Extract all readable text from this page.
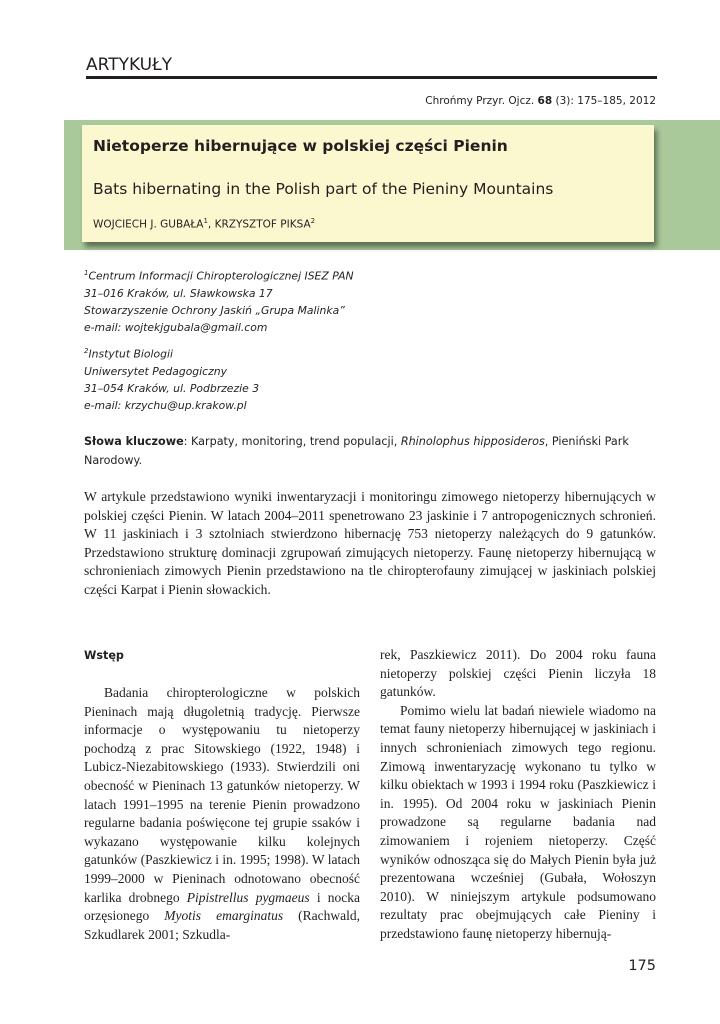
ARTYKUŁY
Chrońmy Przyr. Ojcz. 68 (3): 175–185, 2012
Nietoperze hibernujące w polskiej części Pienin
Bats hibernating in the Polish part of the Pieniny Mountains
WOJCIECH J. GUBAŁA$^1$, KRZYSZTOF PIKSA$^2$
$^1$Centrum Informacji Chiropterologicznej ISEZ PAN
31–016 Kraków, ul. Sławkowska 17
Stowarzyszenie Ochrony Jaskiń „Grupa Malinka”
e-mail: wojtekjgubala@gmail.com
$^2$Instytut Biologii
Uniwersytet Pedagogiczny
31–054 Kraków, ul. Podbrzezie 3
e-mail: krzychu@up.krakow.pl
Słowa kluczowe: Karpaty, monitoring, trend populacji, Rhinolophus hipposideros, Pieniński Park Narodowy.
W artykule przedstawiono wyniki inwentaryzacji i monitoringu zimowego nietoperzy hibernujących w polskiej części Pienin. W latach 2004–2011 spenetrowano 23 jaskinie i 7 antropogenicznych schronień. W 11 jaskiniach i 3 sztolniach stwierdzono hibernację 753 nietoperzy należących do 9 gatunków. Przedstawiono strukturę dominacji zgrupowań zimujących nietoperzy. Faunę nietoperzy hibernującą w schronieniach zimowych Pienin przedstawiono na tle chiropterofauny zimującej w jaskiniach polskiej części Karpat i Pienin słowackich.
Wstęp

Badania chiropterologiczne w polskich Pieninach mają długoletnią tradycję. Pierwsze informacje o występowaniu tu nietoperzy pochodzą z prac Sitowskiego (1922, 1948) i Lubicz-Niezabitowskiego (1933). Stwierdzili oni obecność w Pieninach 13 gatunków nietoperzy. W latach 1991–1995 na terenie Pienin prowadzono regularne badania poświęcone tej grupie ssaków i wykazano występowanie kilku kolejnych gatunków (Paszkiewicz i in. 1995; 1998). W latach 1999–2000 w Pieninach odnotowano obecność karlika drobnego Pipistrellus pygmaeus i nocka orzęsionego Myotis emarginatus (Rachwald, Szkudlarek 2001; Szkudla-

rek, Paszkiewicz 2011). Do 2004 roku fauna nietoperzy polskiej części Pienin liczyła 18 gatunków.

Pomimo wielu lat badań niewiele wiadomo na temat fauny nietoperzy hibernującej w jaskiniach i innych schronieniach zimowych tego regionu. Zimową inwentaryzację wykonano tu tylko w kilku obiektach w 1993 i 1994 roku (Paszkiewicz i in. 1995). Od 2004 roku w jaskiniach Pienin prowadzone są regularne badania nad zimowaniem i rojeniem nietoperzy. Część wyników odnosząca się do Małych Pienin była już prezentowana wcześniej (Gubała, Wołoszyn 2010). W niniejszym artykule podsumowano rezultaty prac obejmujących całe Pieniny i przedstawiono faunę nietoperzy hibernują-

175
